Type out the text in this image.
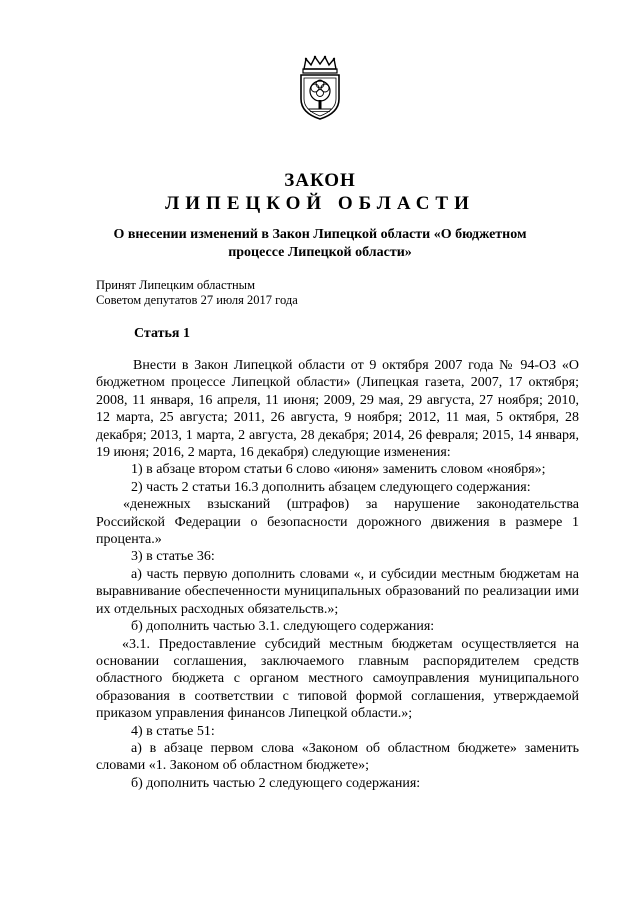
ЗАКОН
ЛИПЕЦКОЙ ОБЛАСТИ
О внесении изменений в Закон Липецкой области «О бюджетном
процессе Липецкой области»
Принят Липецким областным
Советом депутатов 27 июля 2017 года
Статья 1

Внести в Закон Липецкой области от 9 октября 2007 года № 94-ОЗ «О бюджетном процессе Липецкой области» (Липецкая газета, 2007, 17 октября; 2008, 11 января, 16 апреля, 11 июня; 2009, 29 мая, 29 августа, 27 ноября; 2010, 12 марта, 25 августа; 2011, 26 августа, 9 ноября; 2012, 11 мая, 5 октября, 28 декабря; 2013, 1 марта, 2 августа, 28 декабря; 2014, 26 февраля; 2015, 14 января, 19 июня; 2016, 2 марта, 16 декабря) следующие изменения:

1) в абзаце втором статьи 6 слово «июня» заменить словом «ноября»;

2) часть 2 статьи 16.3 дополнить абзацем следующего содержания:

«денежных взысканий (штрафов) за нарушение законодательства Российской Федерации о безопасности дорожного движения в размере 1 процента.»

3) в статье 36:

а) часть первую дополнить словами «, и субсидии местным бюджетам на выравнивание обеспеченности муниципальных образований по реализации ими их отдельных расходных обязательств.»;

б) дополнить частью 3.1. следующего содержания:

«3.1. Предоставление субсидий местным бюджетам осуществляется на основании соглашения, заключаемого главным распорядителем средств областного бюджета с органом местного самоуправления муниципального образования в соответствии с типовой формой соглашения, утверждаемой приказом управления финансов Липецкой области.»;

4) в статье 51:

а) в абзаце первом слова «Законом об областном бюджете» заменить словами «1. Законом об областном бюджете»;

б) дополнить частью 2 следующего содержания:
